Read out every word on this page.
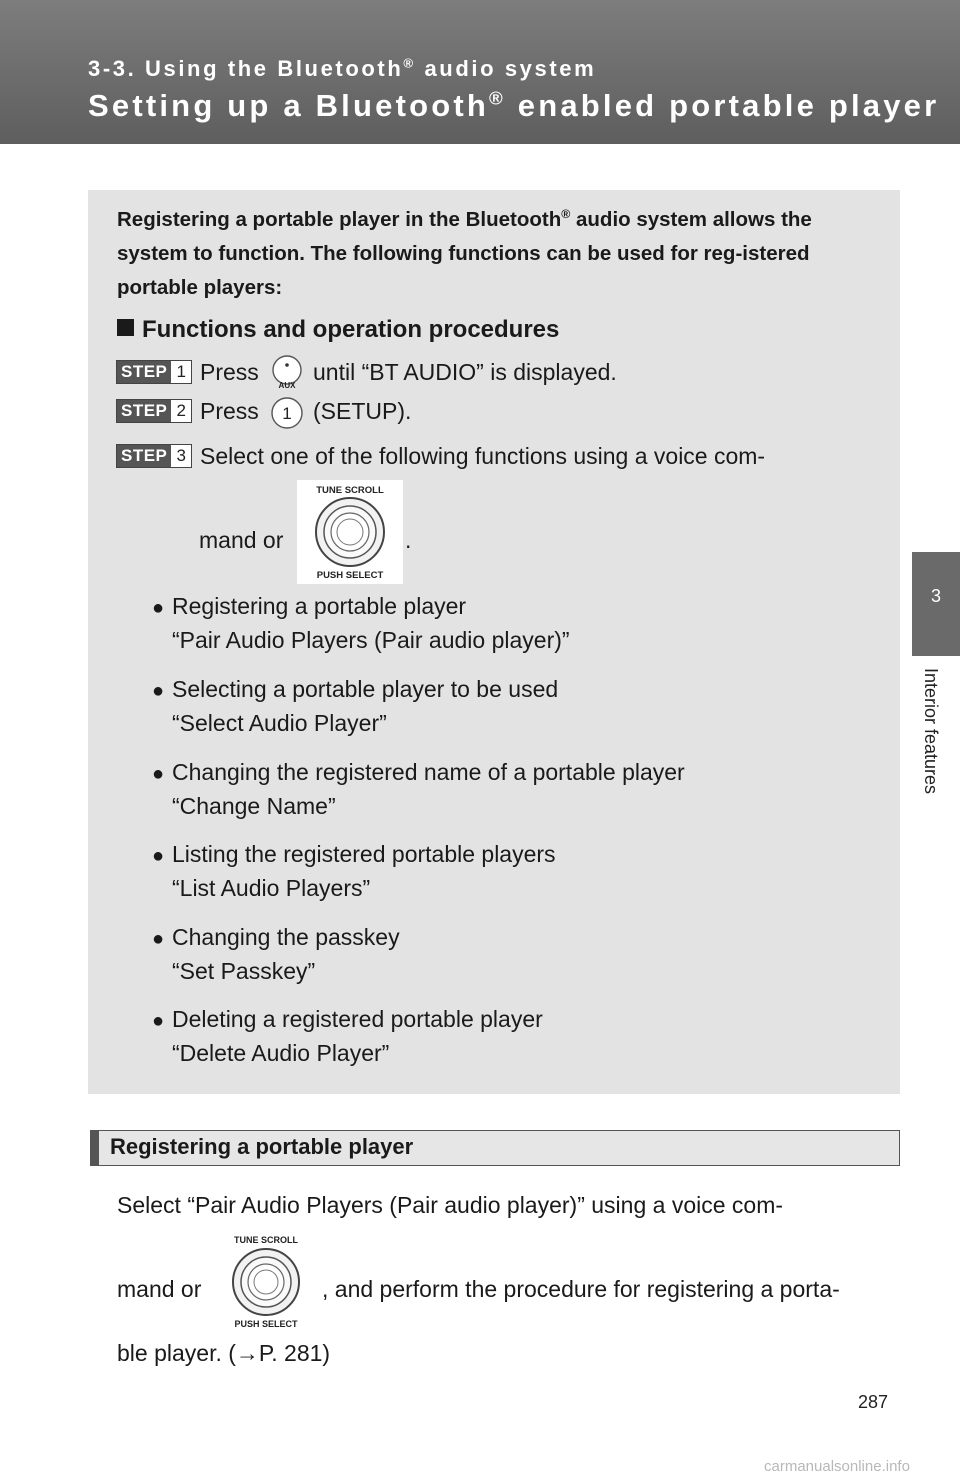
3-3. Using the Bluetooth® audio system
Setting up a Bluetooth® enabled portable player
3
Interior features
Registering a portable player in the Bluetooth® audio system allows the system to function. The following functions can be used for reg-istered portable players:
Functions and operation procedures
STEP 1 Press
AUX
until “BT AUDIO” is displayed.
STEP 2 Press 1 (SETUP).
STEP 3 Select one of the following functions using a voice com-
mand or
TUNE SCROLL
PUSH SELECT
.
● Registering a portable player
“Pair Audio Players (Pair audio player)”
● Selecting a portable player to be used
“Select Audio Player”
● Changing the registered name of a portable player
“Change Name”
● Listing the registered portable players
“List Audio Players”
● Changing the passkey
“Set Passkey”
● Deleting a registered portable player
“Delete Audio Player”
Registering a portable player
Select “Pair Audio Players (Pair audio player)” using a voice com-
mand or
TUNE SCROLL
PUSH SELECT
, and perform the procedure for registering a porta-
ble player. (→P. 281)
287
carmanualsonline.info
